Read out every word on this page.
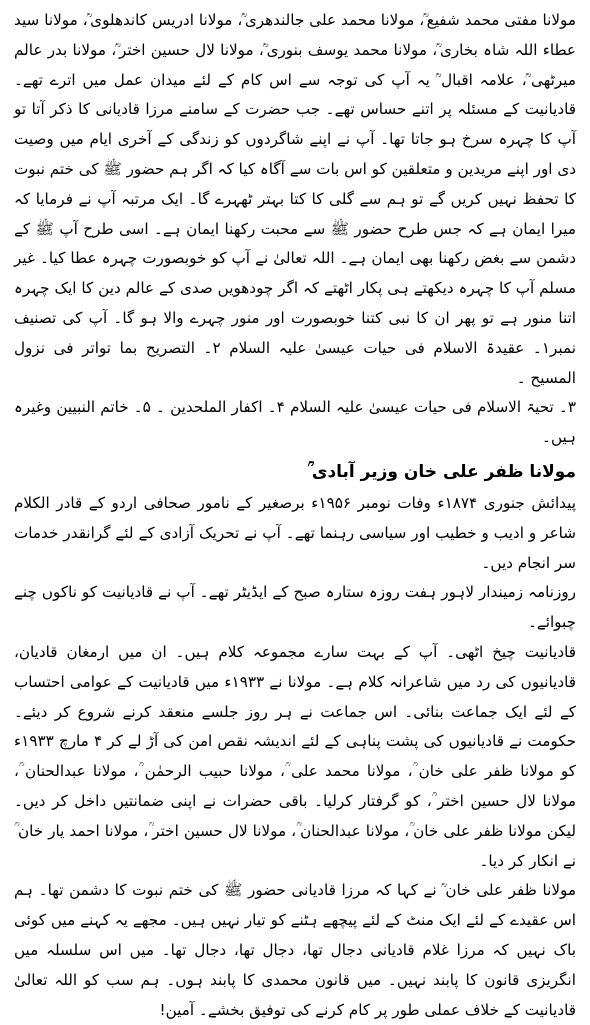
مولانا مفتی محمد شفیع ؒ، مولانا محمد علی جالندھری ؒ، مولانا ادریس کاندھلوی ؒ، مولانا سید عطاء اللہ شاہ بخاری ؒ، مولانا محمد یوسف بنوری ؒ، مولانا لال حسین اختر ؒ، مولانا بدر عالم میرٹھی ؒ، علامہ اقبال ؒ یہ آپ کی توجہ سے اس کام کے لئے میدان عمل میں اترے تھے۔ قادیانیت کے مسئلہ پر اتنے حساس تھے۔ جب حضرت کے سامنے مرزا قادیانی کا ذکر آتا تو آپ کا چہرہ سرخ ہو جاتا تھا۔ آپ نے اپنے شاگردوں کو زندگی کے آخری ایام میں وصیت دی اور اپنے مریدین و متعلقین کو اس بات سے آگاہ کیا کہ اگر ہم حضور ﷺ کی ختم نبوت کا تحفظ نہیں کریں گے تو ہم سے گلی کا کتا بہتر ٹھہرے گا۔ ایک مرتبہ آپ نے فرمایا کہ میرا ایمان ہے کہ جس طرح حضور ﷺ سے محبت رکھنا ایمان ہے۔ اسی طرح آپ ﷺ کے دشمن سے بغض رکھنا بھی ایمان ہے۔ اللہ تعالیٰ نے آپ کو خوبصورت چہرہ عطا کیا۔ غیر مسلم آپ کا چہرہ دیکھتے ہی پکار اٹھتے کہ اگر چودھویں صدی کے عالم دین کا ایک چہرہ اتنا منور ہے تو پھر ان کا نبی کتنا خوبصورت اور منور چہرے والا ہو گا۔ آپ کی تصنیف نمبر۱۔ عقیدۃ الاسلام فی حیات عیسیٰ علیہ السلام ۲۔ التصریح بما تواتر فی نزول المسیح ۔

۳۔ تحیۃ الاسلام فی حیات عیسیٰ علیہ السلام ۴۔ اکفار الملحدین ۔ ۵۔ خاتم النبیین وغیرہ ہیں۔

مولانا ظفر علی خان وزیر آبادی ؒ

پیدائش جنوری ۱۸۷۴ء وفات نومبر ۱۹۵۶ء برصغیر کے نامور صحافی اردو کے قادر الکلام شاعر و ادیب و خطیب اور سیاسی رہنما تھے۔ آپ نے تحریک آزادی کے لئے گرانقدر خدمات سر انجام دیں۔

روزنامہ زمیندار لاہور ہفت روزہ ستارہ صبح کے ایڈیٹر تھے۔ آپ نے قادیانیت کو ناکوں چنے چبوائے۔

قادیانیت چیخ اٹھی۔ آپ کے بہت سارے مجموعہ کلام ہیں۔ ان میں ارمغان قادیان، قادیانیوں کی رد میں شاعرانہ کلام ہے۔ مولانا نے ۱۹۳۳ء میں قادیانیت کے عوامی احتساب کے لئے ایک جماعت بنائی۔ اس جماعت نے ہر روز جلسے منعقد کرنے شروع کر دیئے۔ حکومت نے قادیانیوں کی پشت پناہی کے لئے اندیشہ نقص امن کی آڑ لے کر ۴ مارچ ۱۹۳۳ء کو مولانا ظفر علی خان ؒ، مولانا محمد علی ؒ، مولانا حبیب الرحمٰن ؒ، مولانا عبدالحنان ؒ، مولانا لال حسین اختر ؒ، کو گرفتار کرلیا۔ باقی حضرات نے اپنی ضمانتیں داخل کر دیں۔ لیکن مولانا ظفر علی خان ؒ، مولانا عبدالحنان ؒ، مولانا لال حسین اختر ؒ، مولانا احمد یار خان ؒ نے انکار کر دیا۔

مولانا ظفر علی خان ؒ نے کہا کہ مرزا قادیانی حضور ﷺ کی ختم نبوت کا دشمن تھا۔ ہم اس عقیدے کے لئے ایک منٹ کے لئے پیچھے ہٹنے کو تیار نہیں ہیں۔ مجھے یہ کہنے میں کوئی باک نہیں کہ مرزا غلام قادیانی دجال تھا، دجال تھا، دجال تھا۔ میں اس سلسلہ میں انگریزی قانون کا پابند نہیں۔ میں قانون محمدی کا پابند ہوں۔ ہم سب کو اللہ تعالیٰ قادیانیت کے خلاف عملی طور پر کام کرنے کی توفیق بخشے۔ آمین!
